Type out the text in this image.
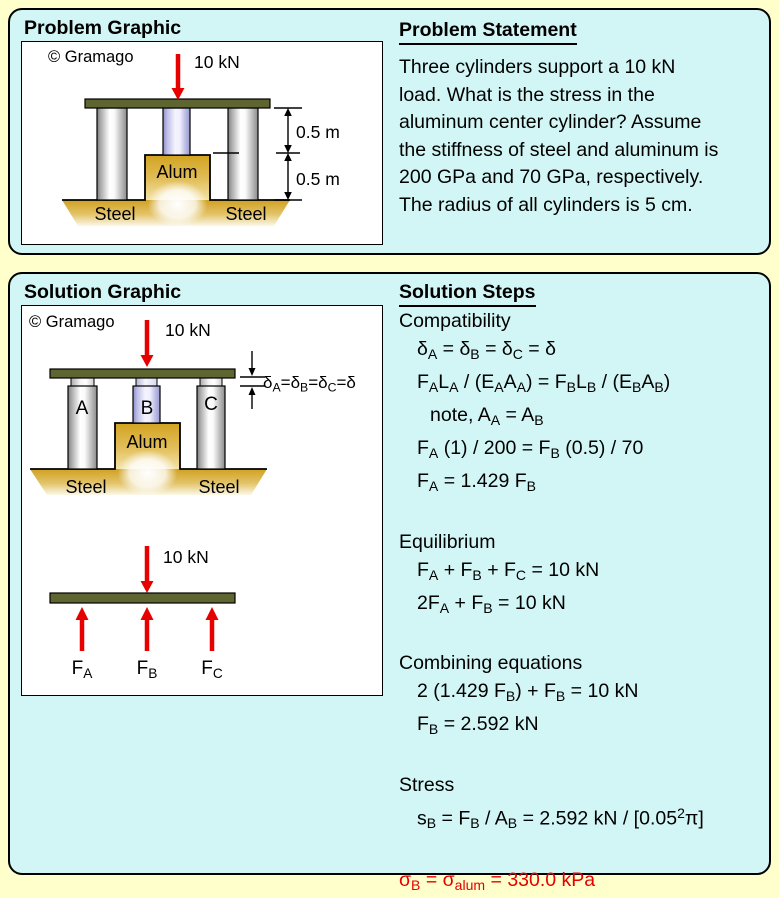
Problem Graphic
© Gramago	10 kN
Alum
Steel	Steel
0.5 m
0.5 m
Problem Statement
Three cylinders support a 10 kN
load. What is the stress in the
aluminum center cylinder? Assume
the stiffness of steel and aluminum is
200 GPa and 70 GPa, respectively.
The radius of all cylinders is 5 cm.
Solution Graphic
© Gramago	10 kN
A	B	C
Alum
Steel	Steel
10 kN
$\delta_A=\delta_B=\delta_C=\delta$
$F_A$	$F_B$	$F_C$
Solution Steps
Compatibility
$\delta_A = \delta_B = \delta_C = \delta$
$F_AL_A / (E_AA_A) = F_BL_B / (E_BA_B)$
note, $A_A = A_B$
$F_A$ $(1) / 200 = F_B$ (0.5) / 70
$F_A = 1.429$ $F_B$
Equilibrium
$F_A + F_B + F_C = 10$ kN
$2F_A + F_B = 10$ kN
Combining equations
2 (1.429 $F_B) + F_B = 10$ kN
$F_B = 2.592$ kN
Stress
$s_B = F_B / A_B = 2.592$ kN / [0.05$^2$π]
$\sigma_B = \sigma_{alum} = 330.0$ kPa
